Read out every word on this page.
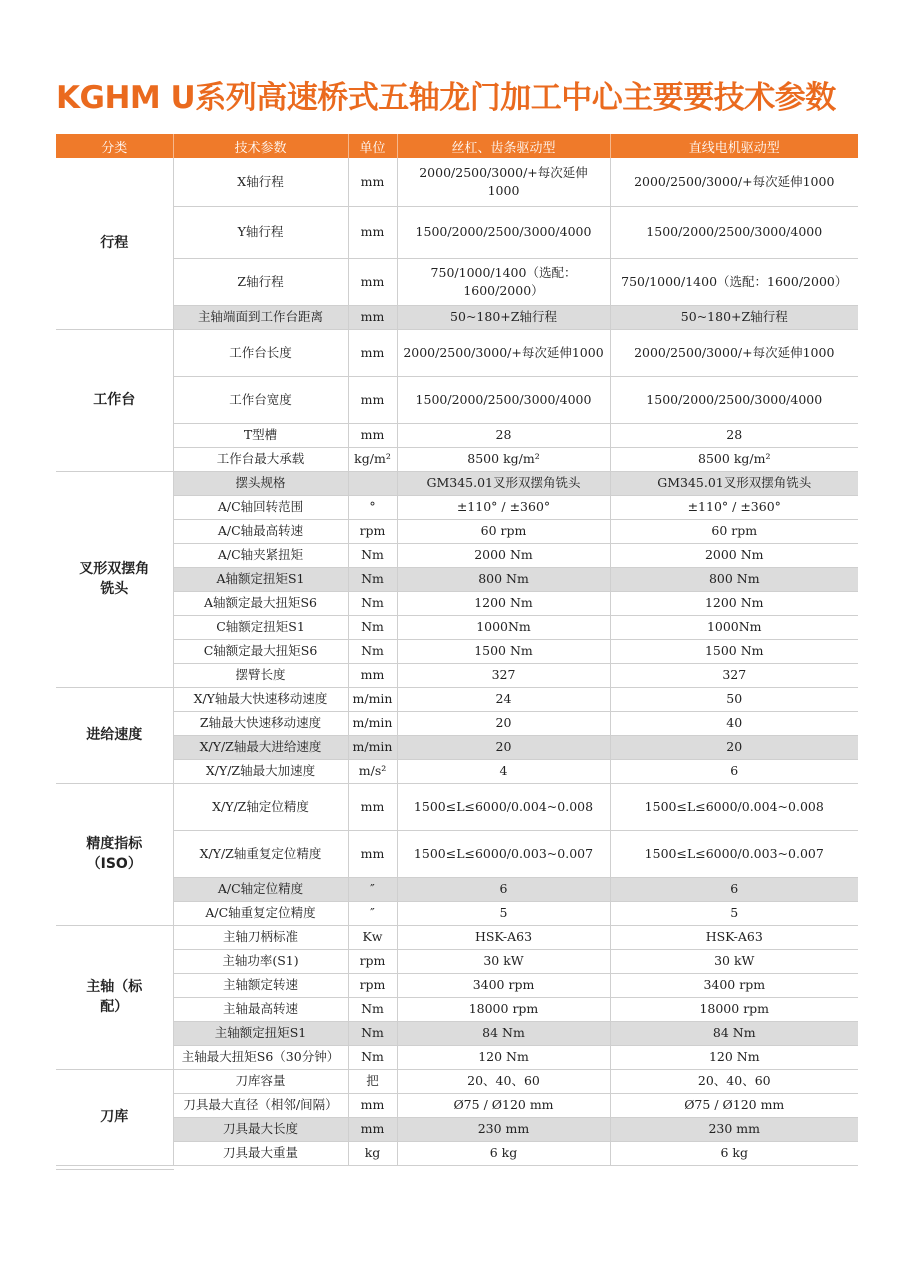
KGHM U系列高速桥式五轴龙门加工中心主要要技术参数
分类	技术参数	单位	丝杠、齿条驱动型	直线电机驱动型
行程	X轴行程	mm	2000/2500/3000/+每次延伸1000	2000/2500/3000/+每次延伸1000
	Y轴行程	mm	1500/2000/2500/3000/4000	1500/2000/2500/3000/4000
	Z轴行程	mm	750/1000/1400（选配：1600/2000）	750/1000/1400（选配：1600/2000）
	主轴端面到工作台距离	mm	50~180+Z轴行程	50~180+Z轴行程
工作台	工作台长度	mm	2000/2500/3000/+每次延伸1000	2000/2500/3000/+每次延伸1000
	工作台宽度	mm	1500/2000/2500/3000/4000	1500/2000/2500/3000/4000
	T型槽	mm	28	28
	工作台最大承载	kg/m²	8500 kg/m²	8500 kg/m²
叉形双摆角铣头	摆头规格		GM345.01叉形双摆角铣头	GM345.01叉形双摆角铣头
	A/C轴回转范围	°	±110° / ±360°	±110° / ±360°
	A/C轴最高转速	rpm	60 rpm	60 rpm
	A/C轴夹紧扭矩	Nm	2000 Nm	2000 Nm
	A轴额定扭矩S1	Nm	800 Nm	800 Nm
	A轴额定最大扭矩S6	Nm	1200 Nm	1200 Nm
	C轴额定扭矩S1	Nm	1000Nm	1000Nm
	C轴额定最大扭矩S6	Nm	1500 Nm	1500 Nm
	摆臂长度	mm	327	327
进给速度	X/Y轴最大快速移动速度	m/min	24	50
	Z轴最大快速移动速度	m/min	20	40
	X/Y/Z轴最大进给速度	m/min	20	20
	X/Y/Z轴最大加速度	m/s²	4	6
精度指标（ISO）	X/Y/Z轴定位精度	mm	1500≤L≤6000/0.004~0.008	1500≤L≤6000/0.004~0.008
	X/Y/Z轴重复定位精度	mm	1500≤L≤6000/0.003~0.007	1500≤L≤6000/0.003~0.007
	A/C轴定位精度	″	6	6
	A/C轴重复定位精度	″	5	5
主轴（标配）	主轴刀柄标准	Kw	HSK-A63	HSK-A63
	主轴功率(S1)	rpm	30 kW	30 kW
	主轴额定转速	rpm	3400 rpm	3400 rpm
	主轴最高转速	Nm	18000 rpm	18000 rpm
	主轴额定扭矩S1	Nm	84 Nm	84 Nm
	主轴最大扭矩S6（30分钟）	Nm	120 Nm	120 Nm
刀库	刀库容量	把	20、40、60	20、40、60
	刀具最大直径（相邻/间隔）	mm	Ø75 / Ø120 mm	Ø75 / Ø120 mm
	刀具最大长度	mm	230 mm	230 mm
	刀具最大重量	kg	6 kg	6 kg
